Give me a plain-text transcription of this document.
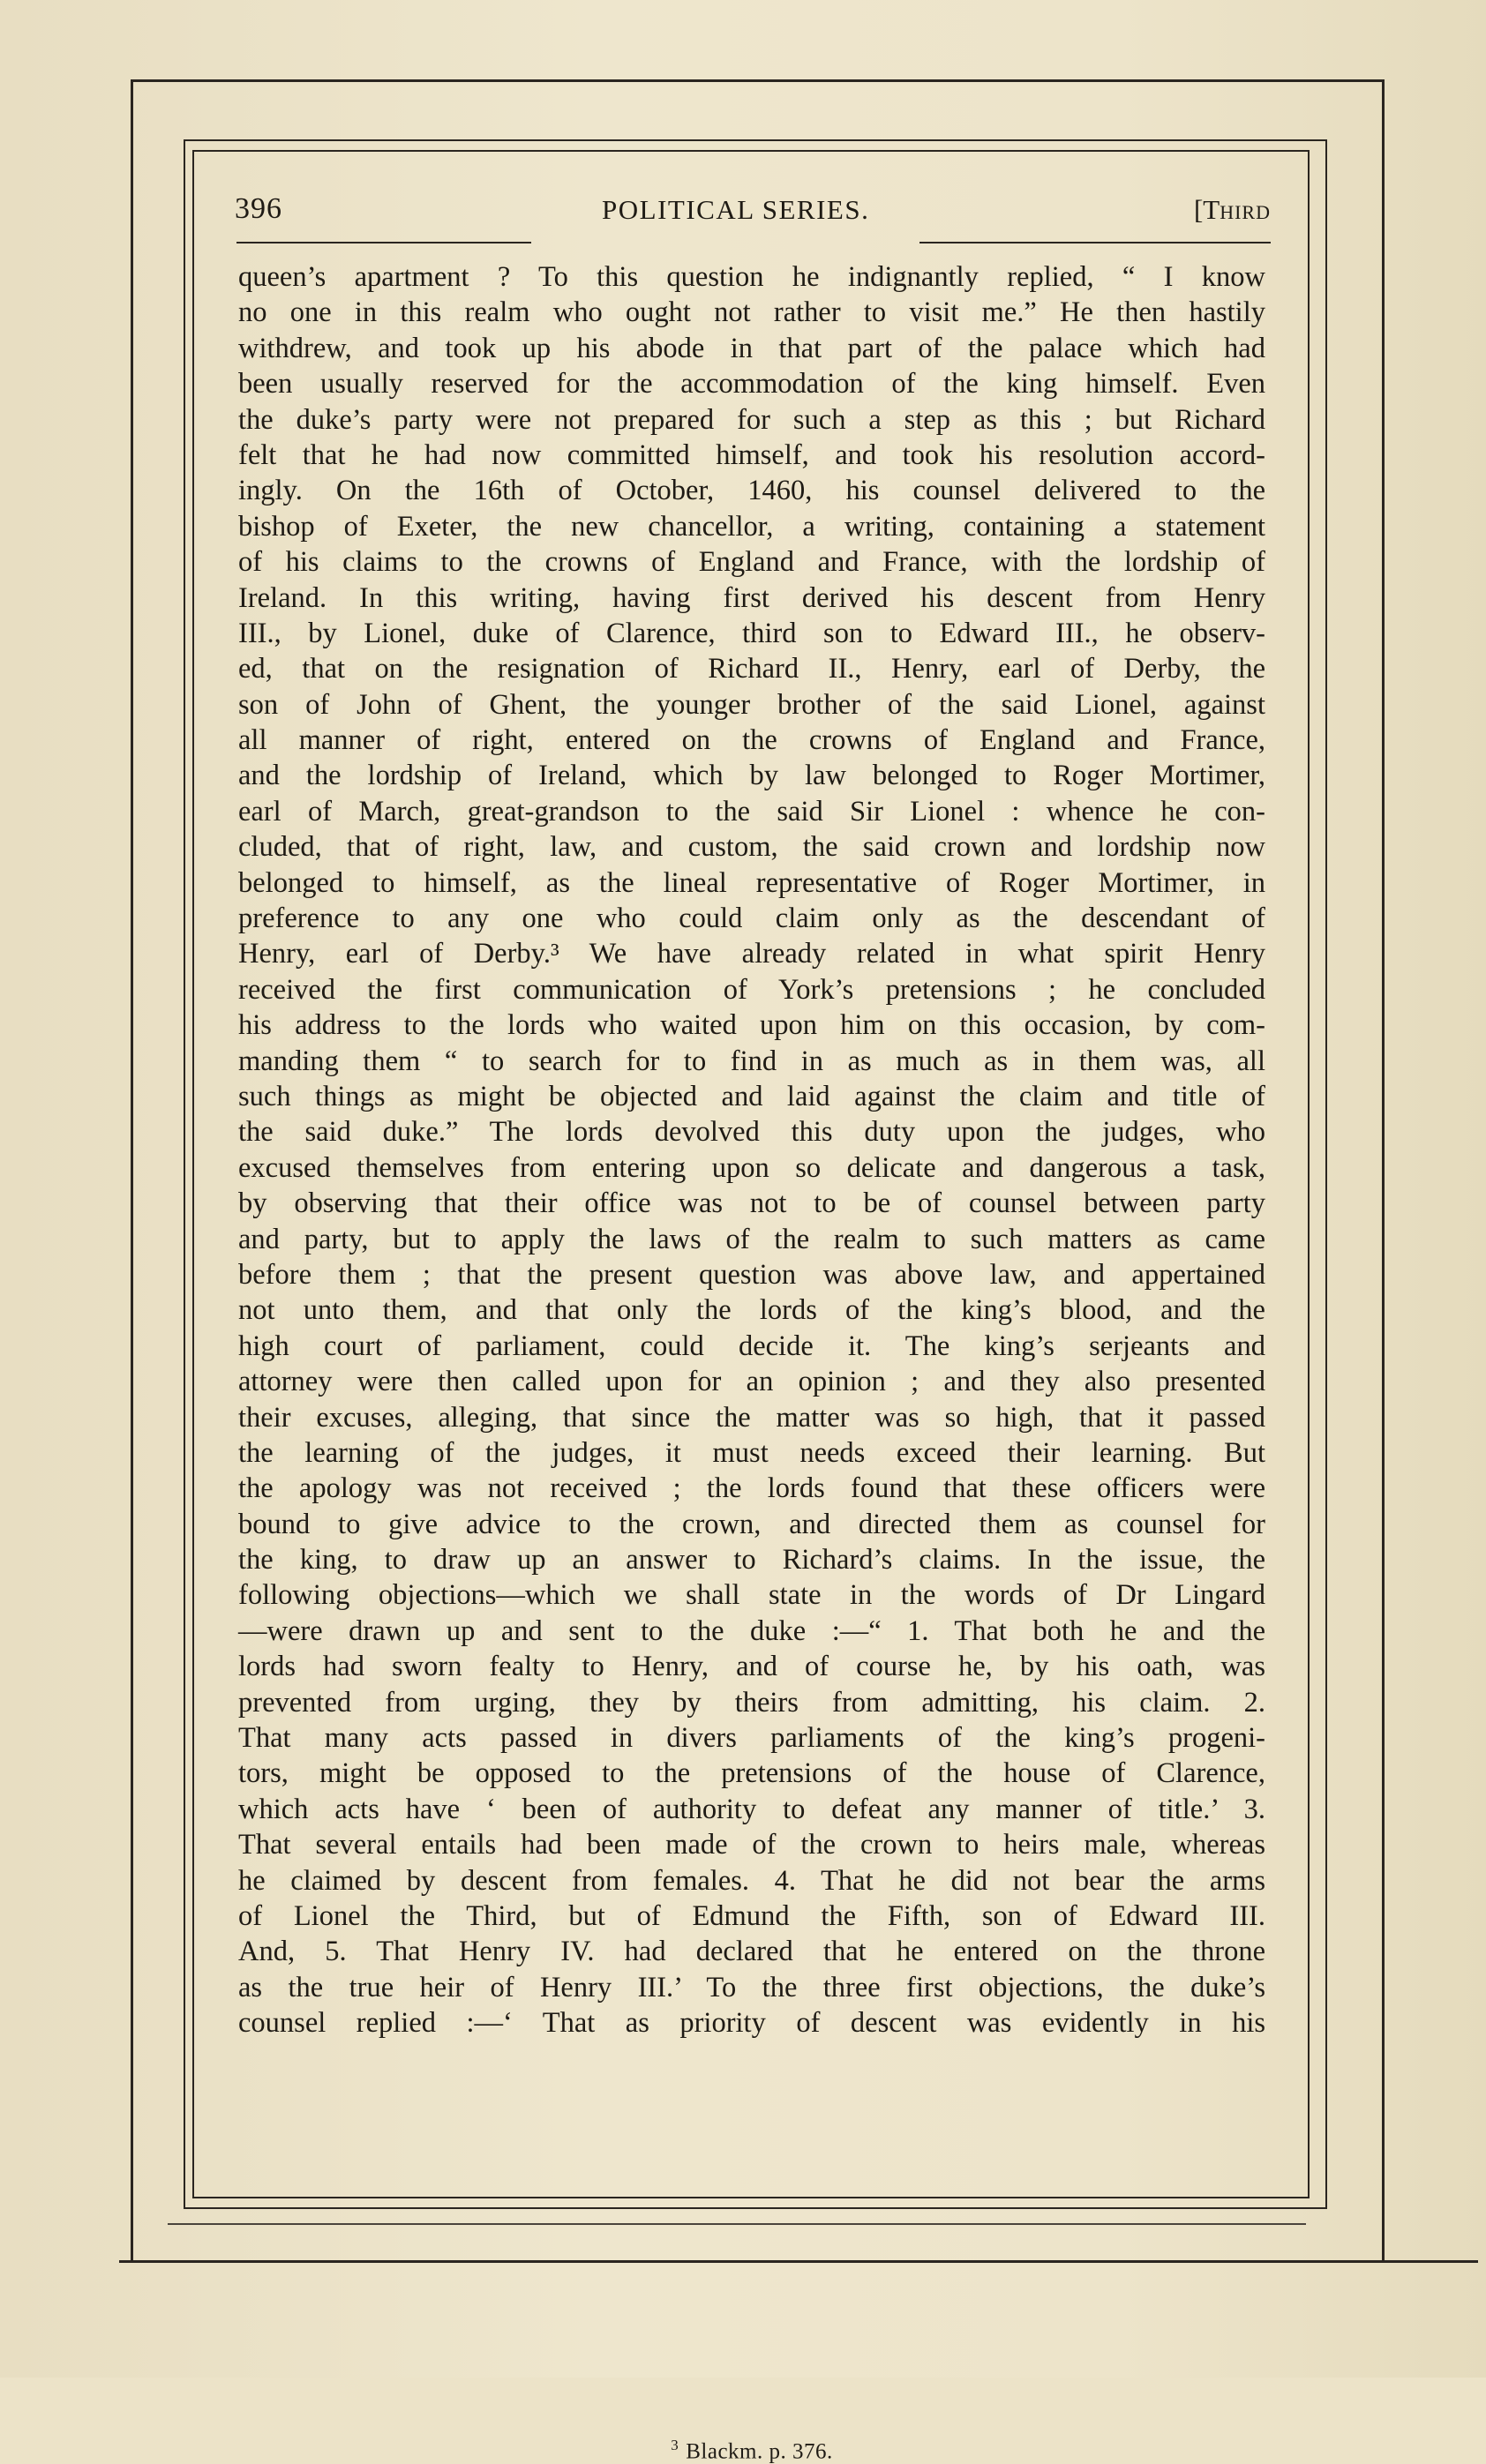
396	POLITICAL SERIES.	[THIRD
queen’s apartment ? To this question he indignantly replied, “ I know
no one in this realm who ought not rather to visit me.” He then hastily
withdrew, and took up his abode in that part of the palace which had
been usually reserved for the accommodation of the king himself. Even
the duke’s party were not prepared for such a step as this ; but Richard
felt that he had now committed himself, and took his resolution accord-
ingly. On the 16th of October, 1460, his counsel delivered to the
bishop of Exeter, the new chancellor, a writing, containing a statement
of his claims to the crowns of England and France, with the lordship of
Ireland. In this writing, having first derived his descent from Henry
III., by Lionel, duke of Clarence, third son to Edward III., he observ-
ed, that on the resignation of Richard II., Henry, earl of Derby, the
son of John of Ghent, the younger brother of the said Lionel, against
all manner of right, entered on the crowns of England and France,
and the lordship of Ireland, which by law belonged to Roger Mortimer,
earl of March, great-grandson to the said Sir Lionel : whence he con-
cluded, that of right, law, and custom, the said crown and lordship now
belonged to himself, as the lineal representative of Roger Mortimer, in
preference to any one who could claim only as the descendant of
Henry, earl of Derby.³ We have already related in what spirit Henry
received the first communication of York’s pretensions ; he concluded
his address to the lords who waited upon him on this occasion, by com-
manding them “ to search for to find in as much as in them was, all
such things as might be objected and laid against the claim and title of
the said duke.” The lords devolved this duty upon the judges, who
excused themselves from entering upon so delicate and dangerous a task,
by observing that their office was not to be of counsel between party
and party, but to apply the laws of the realm to such matters as came
before them ; that the present question was above law, and appertained
not unto them, and that only the lords of the king’s blood, and the
high court of parliament, could decide it. The king’s serjeants and
attorney were then called upon for an opinion ; and they also presented
their excuses, alleging, that since the matter was so high, that it passed
the learning of the judges, it must needs exceed their learning. But
the apology was not received ; the lords found that these officers were
bound to give advice to the crown, and directed them as counsel for
the king, to draw up an answer to Richard’s claims. In the issue, the
following objections—which we shall state in the words of Dr Lingard
—were drawn up and sent to the duke :—“ 1. That both he and the
lords had sworn fealty to Henry, and of course he, by his oath, was
prevented from urging, they by theirs from admitting, his claim. 2.
That many acts passed in divers parliaments of the king’s progeni-
tors, might be opposed to the pretensions of the house of Clarence,
which acts have ‘ been of authority to defeat any manner of title.’ 3.
That several entails had been made of the crown to heirs male, whereas
he claimed by descent from females. 4. That he did not bear the arms
of Lionel the Third, but of Edmund the Fifth, son of Edward III.
And, 5. That Henry IV. had declared that he entered on the throne
as the true heir of Henry III.’ To the three first objections, the duke’s
counsel replied :—‘ That as priority of descent was evidently in his
$^3$ Blackm. p. 376.
